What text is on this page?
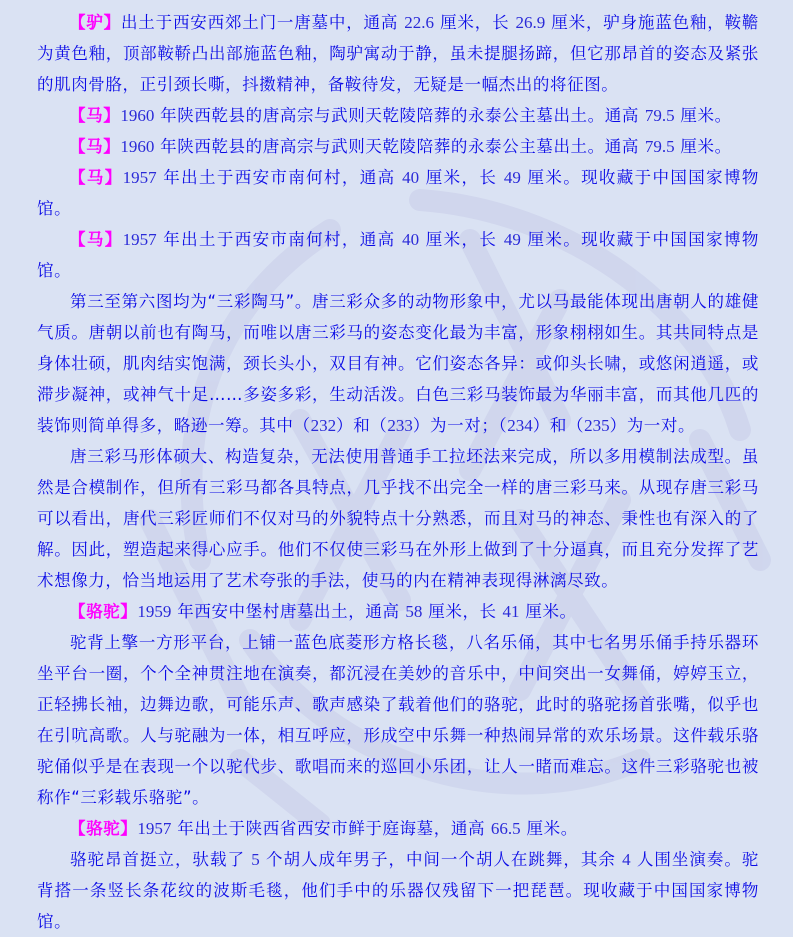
【驴】出土于西安西郊土门一唐墓中，通高 22.6 厘米，长 26.9 厘米，驴身施蓝色釉，鞍韂为黄色釉，顶部鞍鞒凸出部施蓝色釉，陶驴寓动于静，虽未提腿扬蹄，但它那昂首的姿态及紧张的肌肉骨胳，正引颈长嘶，抖擞精神，备鞍待发，无疑是一幅杰出的将征图。

【马】1960 年陕西乾县的唐高宗与武则天乾陵陪葬的永泰公主墓出土。通高 79.5 厘米。

【马】1960 年陕西乾县的唐高宗与武则天乾陵陪葬的永泰公主墓出土。通高 79.5 厘米。

【马】1957 年出土于西安市南何村，通高 40 厘米，长 49 厘米。现收藏于中国国家博物馆。

【马】1957 年出土于西安市南何村，通高 40 厘米，长 49 厘米。现收藏于中国国家博物馆。

第三至第六图均为“三彩陶马”。唐三彩众多的动物形象中，尤以马最能体现出唐朝人的雄健气质。唐朝以前也有陶马，而唯以唐三彩马的姿态变化最为丰富，形象栩栩如生。其共同特点是身体壮硕，肌肉结实饱满，颈长头小，双目有神。它们姿态各异：或仰头长啸，或悠闲逍遥，或滞步凝神，或神气十足……多姿多彩，生动活泼。白色三彩马装饰最为华丽丰富，而其他几匹的装饰则简单得多，略逊一筹。其中（232）和（233）为一对；（234）和（235）为一对。

唐三彩马形体硕大、构造复杂，无法使用普通手工拉坯法来完成，所以多用模制法成型。虽然是合模制作，但所有三彩马都各具特点，几乎找不出完全一样的唐三彩马来。从现存唐三彩马可以看出，唐代三彩匠师们不仅对马的外貌特点十分熟悉，而且对马的神态、秉性也有深入的了解。因此，塑造起来得心应手。他们不仅使三彩马在外形上做到了十分逼真，而且充分发挥了艺术想像力，恰当地运用了艺术夸张的手法，使马的内在精神表现得淋漓尽致。

【骆驼】1959 年西安中堡村唐墓出土，通高 58 厘米，长 41 厘米。

驼背上擎一方形平台，上铺一蓝色底菱形方格长毯，八名乐俑，其中七名男乐俑手持乐器环坐平台一圈，个个全神贯注地在演奏，都沉浸在美妙的音乐中，中间突出一女舞俑，婷婷玉立，正轻拂长袖，边舞边歌，可能乐声、歌声感染了载着他们的骆驼，此时的骆驼扬首张嘴，似乎也在引吭高歌。人与驼融为一体，相互呼应，形成空中乐舞一种热闹异常的欢乐场景。这件载乐骆驼俑似乎是在表现一个以驼代步、歌唱而来的巡回小乐团，让人一睹而难忘。这件三彩骆驼也被称作“三彩载乐骆驼”。

【骆驼】1957 年出土于陕西省西安市鲜于庭诲墓，通高 66.5 厘米。

骆驼昂首挺立，驮载了 5 个胡人成年男子，中间一个胡人在跳舞，其余 4 人围坐演奏。驼背搭一条竖长条花纹的波斯毛毯，他们手中的乐器仅残留下一把琵琶。现收藏于中国国家博物馆。
